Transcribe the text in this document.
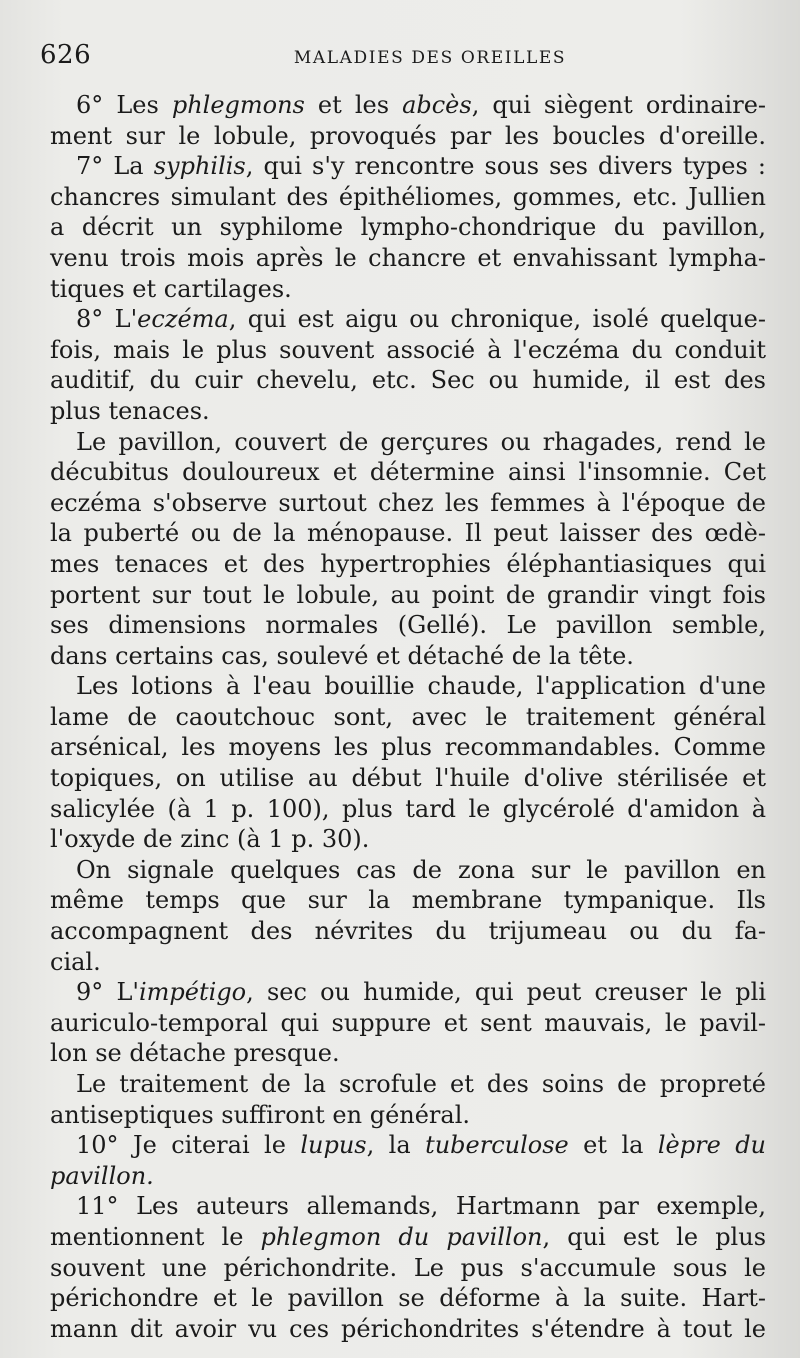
626	MALADIES DES OREILLES
6° Les phlegmons et les abcès, qui siègent ordinaire-
ment sur le lobule, provoqués par les boucles d'oreille.
7° La syphilis, qui s'y rencontre sous ses divers types :
chancres simulant des épithéliomes, gommes, etc. Jullien
a décrit un syphilome lympho-chondrique du pavillon,
venu trois mois après le chancre et envahissant lympha-
tiques et cartilages.
8° L'eczéma, qui est aigu ou chronique, isolé quelque-
fois, mais le plus souvent associé à l'eczéma du conduit
auditif, du cuir chevelu, etc. Sec ou humide, il est des
plus tenaces.
Le pavillon, couvert de gerçures ou rhagades, rend le
décubitus douloureux et détermine ainsi l'insomnie. Cet
eczéma s'observe surtout chez les femmes à l'époque de
la puberté ou de la ménopause. Il peut laisser des œdè-
mes tenaces et des hypertrophies éléphantiasiques qui
portent sur tout le lobule, au point de grandir vingt fois
ses dimensions normales (Gellé). Le pavillon semble,
dans certains cas, soulevé et détaché de la tête.
Les lotions à l'eau bouillie chaude, l'application d'une
lame de caoutchouc sont, avec le traitement général
arsénical, les moyens les plus recommandables. Comme
topiques, on utilise au début l'huile d'olive stérilisée et
salicylée (à 1 p. 100), plus tard le glycérolé d'amidon à
l'oxyde de zinc (à 1 p. 30).
On signale quelques cas de zona sur le pavillon en
même temps que sur la membrane tympanique. Ils
accompagnent des névrites du trijumeau ou du fa-
cial.
9° L'impétigo, sec ou humide, qui peut creuser le pli
auriculo-temporal qui suppure et sent mauvais, le pavil-
lon se détache presque.
Le traitement de la scrofule et des soins de propreté
antiseptiques suffiront en général.
10° Je citerai le lupus, la tuberculose et la lèpre du
pavillon.
11° Les auteurs allemands, Hartmann par exemple,
mentionnent le phlegmon du pavillon, qui est le plus
souvent une périchondrite. Le pus s'accumule sous le
périchondre et le pavillon se déforme à la suite. Hart-
mann dit avoir vu ces périchondrites s'étendre à tout le
